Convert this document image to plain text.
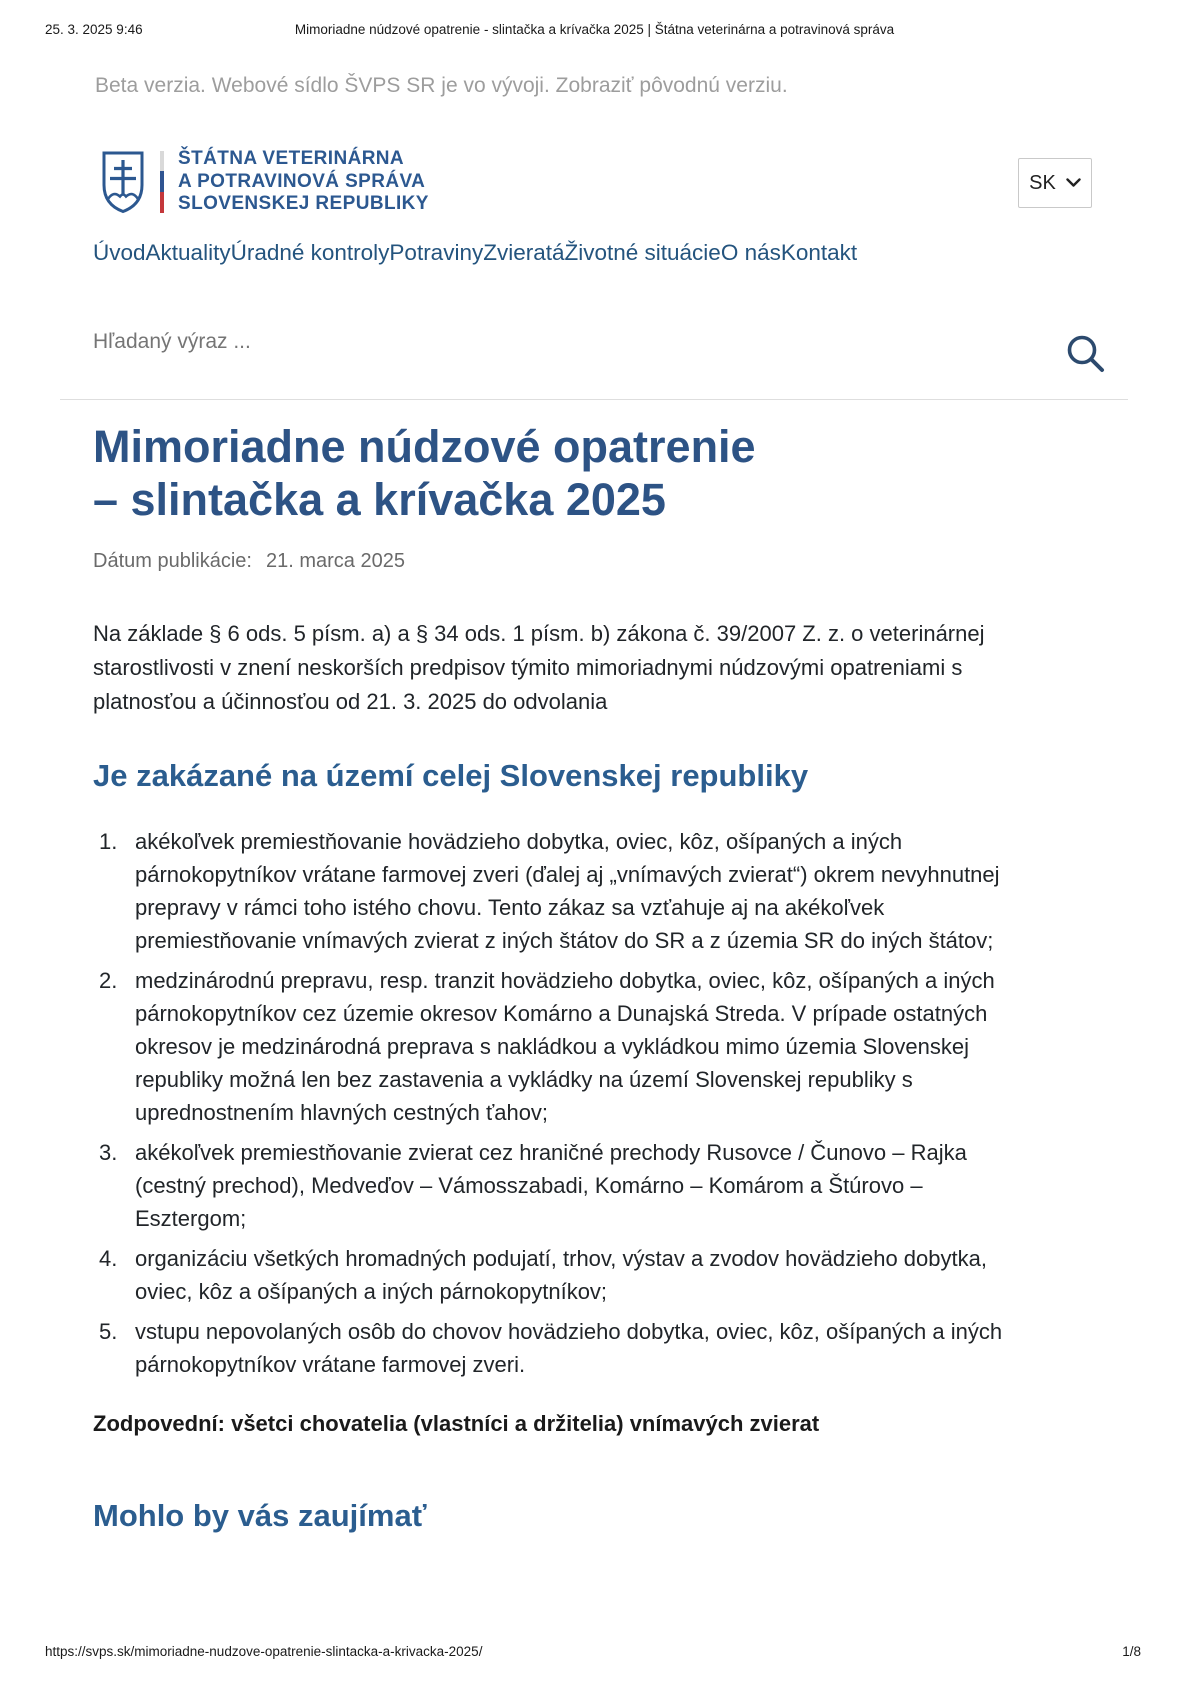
25. 3. 2025 9:46	Mimoriadne núdzové opatrenie - slintačka a krívačka 2025 | Štátna veterinárna a potravinová správa
Beta verzia. Webové sídlo ŠVPS SR je vo vývoji. Zobraziť pôvodnú verziu.
ŠTÁTNA VETERINÁRNA
A POTRAVINOVÁ SPRÁVA
SLOVENSKEJ REPUBLIKY
SK
ÚvodAktualityÚradné kontrolyPotravinyZvieratáŽivotné situácieO násKontakt
Hľadaný výraz ...
Mimoriadne núdzové opatrenie
– slintačka a krívačka 2025
Dátum publikácie: 21. marca 2025

Na základe § 6 ods. 5 písm. a) a § 34 ods. 1 písm. b) zákona č. 39/2007 Z. z. o veterinárnej starostlivosti v znení neskorších predpisov týmito mimoriadnymi núdzovými opatreniami s platnosťou a účinnosťou od 21. 3. 2025 do odvolania

Je zakázané na území celej Slovenskej republiky
akékoľvek premiestňovanie hovädzieho dobytka, oviec, kôz, ošípaných a iných párnokopytníkov vrátane farmovej zveri (ďalej aj „vnímavých zvierat“) okrem nevyhnutnej prepravy v rámci toho istého chovu. Tento zákaz sa vzťahuje aj na akékoľvek premiestňovanie vnímavých zvierat z iných štátov do SR a z územia SR do iných štátov;
medzinárodnú prepravu, resp. tranzit hovädzieho dobytka, oviec, kôz, ošípaných a iných párnokopytníkov cez územie okresov Komárno a Dunajská Streda. V prípade ostatných okresov je medzinárodná preprava s nakládkou a vykládkou mimo územia Slovenskej republiky možná len bez zastavenia a vykládky na území Slovenskej republiky s uprednostnením hlavných cestných ťahov;
akékoľvek premiestňovanie zvierat cez hraničné prechody Rusovce / Čunovo – Rajka (cestný prechod), Medveďov – Vámosszabadi, Komárno – Komárom a Štúrovo – Esztergom;
organizáciu všetkých hromadných podujatí, trhov, výstav a zvodov hovädzieho dobytka, oviec, kôz a ošípaných a iných párnokopytníkov;
vstupu nepovolaných osôb do chovov hovädzieho dobytka, oviec, kôz, ošípaných a iných párnokopytníkov vrátane farmovej zveri.

Zodpovední: všetci chovatelia (vlastníci a držitelia) vnímavých zvierat

Mohlo by vás zaujímať
https://svps.sk/mimoriadne-nudzove-opatrenie-slintacka-a-krivacka-2025/	1/8
